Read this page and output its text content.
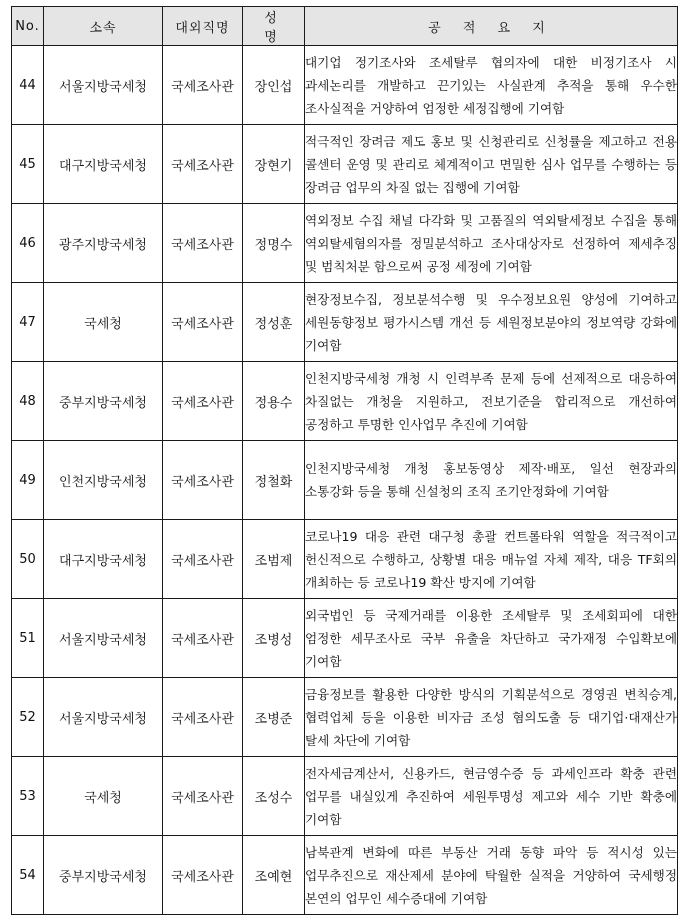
No.	소속	대외직명	성 명	공 적 요 지
44	서울지방국세청	국세조사관	장인섭	대기업 정기조사와 조세탈루 협의자에 대한 비정기조사 시 과세논리를 개발하고 끈기있는 사실관계 추적을 통해 우수한 조사실적을 거양하여 엄정한 세정집행에 기여함
45	대구지방국세청	국세조사관	장현기	적극적인 장려금 제도 홍보 및 신청관리로 신청률을 제고하고 전용 콜센터 운영 및 관리로 체계적이고 면밀한 심사 업무를 수행하는 등 장려금 업무의 차질 없는 집행에 기여함
46	광주지방국세청	국세조사관	정명수	역외정보 수집 채널 다각화 및 고품질의 역외탈세정보 수집을 통해 역외탈세혐의자를 정밀분석하고 조사대상자로 선정하여 제세추징 및 범칙처분 함으로써 공정 세정에 기여함
47	국세청	국세조사관	정성훈	현장정보수집, 정보분석수행 및 우수정보요원 양성에 기여하고 세원동향정보 평가시스템 개선 등 세원정보분야의 정보역량 강화에 기여함
48	중부지방국세청	국세조사관	정용수	인천지방국세청 개청 시 인력부족 문제 등에 선제적으로 대응하여 차질없는 개청을 지원하고, 전보기준을 합리적으로 개선하여 공정하고 투명한 인사업무 추진에 기여함
49	인천지방국세청	국세조사관	정철화	인천지방국세청 개청 홍보동영상 제작·배포, 일선 현장과의 소통강화 등을 통해 신설청의 조직 조기안정화에 기여함
50	대구지방국세청	국세조사관	조범제	코로나19 대응 관련 대구청 총괄 컨트롤타워 역할을 적극적이고 헌신적으로 수행하고, 상황별 대응 매뉴얼 자체 제작, 대응 TF회의 개최하는 등 코로나19 확산 방지에 기여함
51	서울지방국세청	국세조사관	조병성	외국법인 등 국제거래를 이용한 조세탈루 및 조세회피에 대한 엄정한 세무조사로 국부 유출을 차단하고 국가재정 수입확보에 기여함
52	서울지방국세청	국세조사관	조병준	금융정보를 활용한 다양한 방식의 기획분석으로 경영권 변칙승계, 협력업체 등을 이용한 비자금 조성 혐의도출 등 대기업·대재산가 탈세 차단에 기여함
53	국세청	국세조사관	조성수	전자세금계산서, 신용카드, 현금영수증 등 과세인프라 확충 관련 업무를 내실있게 추진하여 세원투명성 제고와 세수 기반 확충에 기여함
54	중부지방국세청	국세조사관	조예현	남북관계 변화에 따른 부동산 거래 동향 파악 등 적시성 있는 업무추진으로 재산제세 분야에 탁월한 실적을 거양하여 국세행정 본연의 업무인 세수증대에 기여함
